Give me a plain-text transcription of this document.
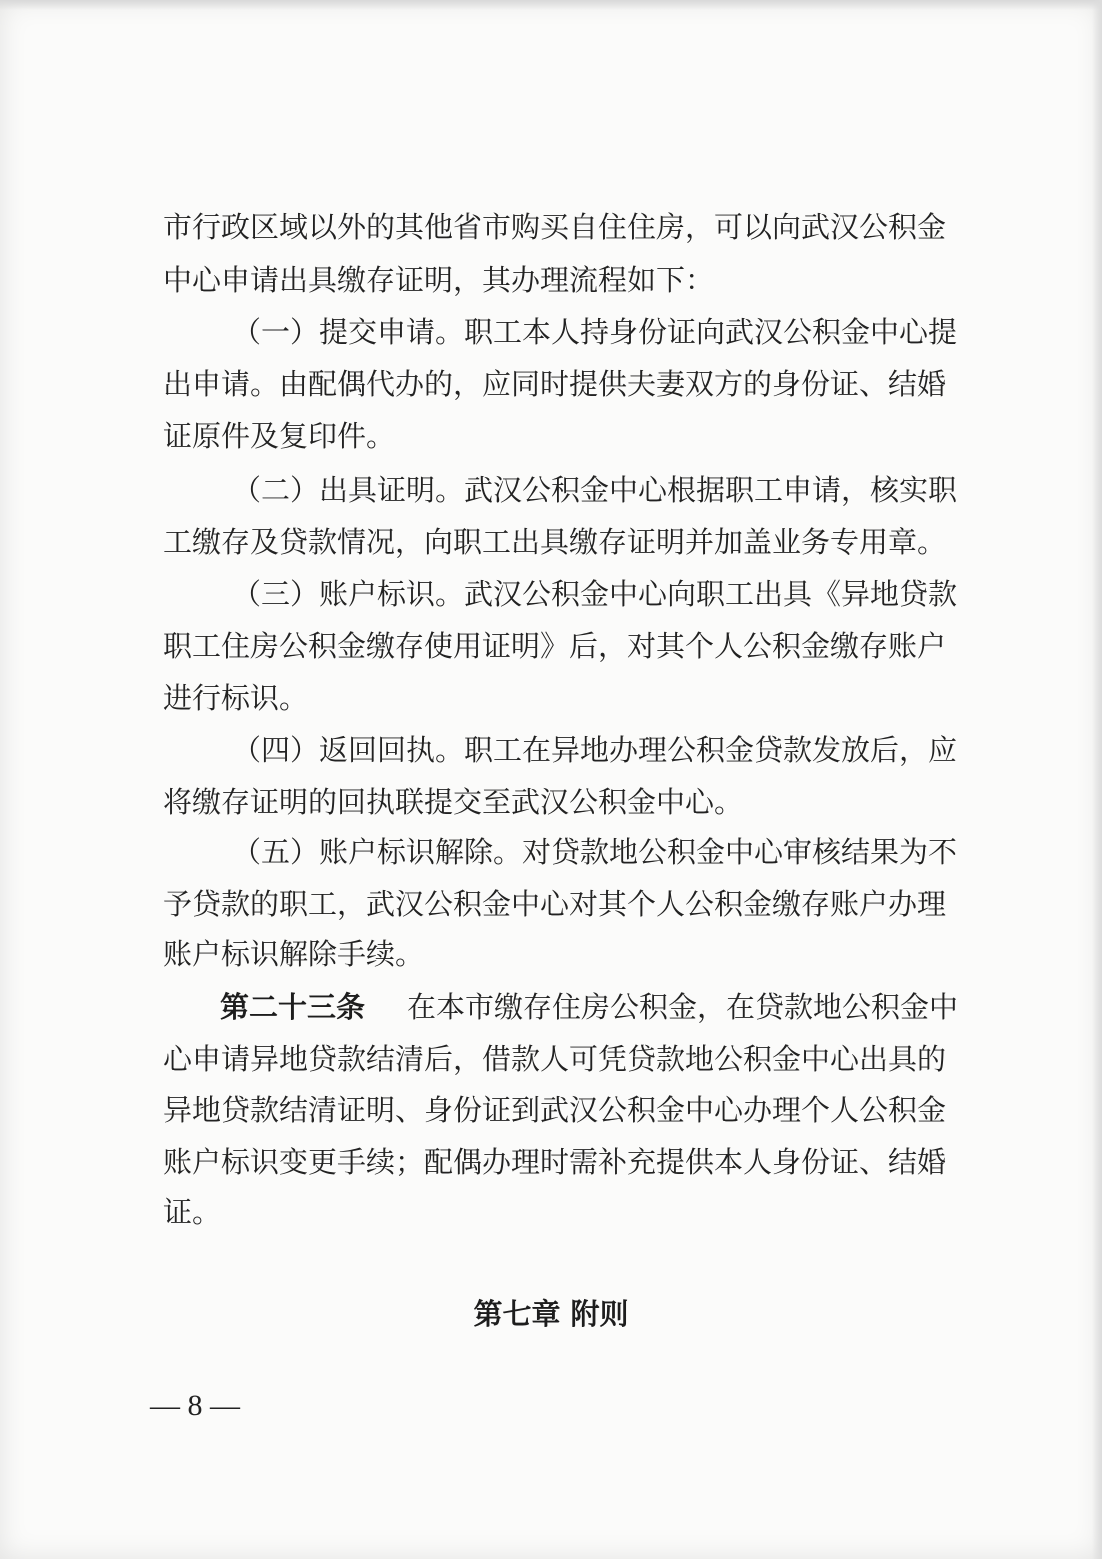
市行政区域以外的其他省市购买自住住房，可以向武汉公积金
中心申请出具缴存证明，其办理流程如下：
（一）提交申请。职工本人持身份证向武汉公积金中心提
出申请。由配偶代办的，应同时提供夫妻双方的身份证、结婚
证原件及复印件。
（二）出具证明。武汉公积金中心根据职工申请，核实职
工缴存及贷款情况，向职工出具缴存证明并加盖业务专用章。
（三）账户标识。武汉公积金中心向职工出具《异地贷款
职工住房公积金缴存使用证明》后，对其个人公积金缴存账户
进行标识。
（四）返回回执。职工在异地办理公积金贷款发放后，应
将缴存证明的回执联提交至武汉公积金中心。
（五）账户标识解除。对贷款地公积金中心审核结果为不
予贷款的职工，武汉公积金中心对其个人公积金缴存账户办理
账户标识解除手续。
第二十三条 在本市缴存住房公积金，在贷款地公积金中
心申请异地贷款结清后，借款人可凭贷款地公积金中心出具的
异地贷款结清证明、身份证到武汉公积金中心办理个人公积金
账户标识变更手续；配偶办理时需补充提供本人身份证、结婚
证。
第七章 附则
— 8 —
